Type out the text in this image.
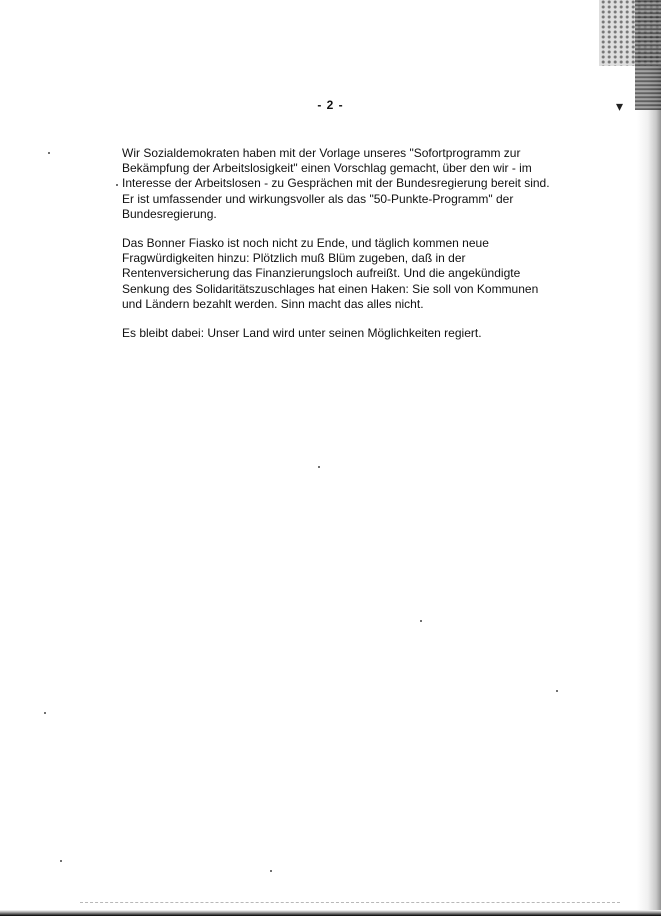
▾
- 2 -

Wir Sozialdemokraten haben mit der Vorlage unseres "Sofortprogramm zur Bekämpfung der Arbeitslosigkeit" einen Vorschlag gemacht, über den wir - im Interesse der Arbeitslosen - zu Gesprächen mit der Bundesregierung bereit sind. Er ist umfassender und wirkungsvoller als das "50-Punkte-Programm" der Bundesregierung.

Das Bonner Fiasko ist noch nicht zu Ende, und täglich kommen neue Fragwürdigkeiten hinzu: Plötzlich muß Blüm zugeben, daß in der Rentenversicherung das Finanzierungsloch aufreißt. Und die angekündigte Senkung des Solidaritätszuschlages hat einen Haken: Sie soll von Kommunen und Ländern bezahlt werden. Sinn macht das alles nicht.

Es bleibt dabei: Unser Land wird unter seinen Möglichkeiten regiert.
